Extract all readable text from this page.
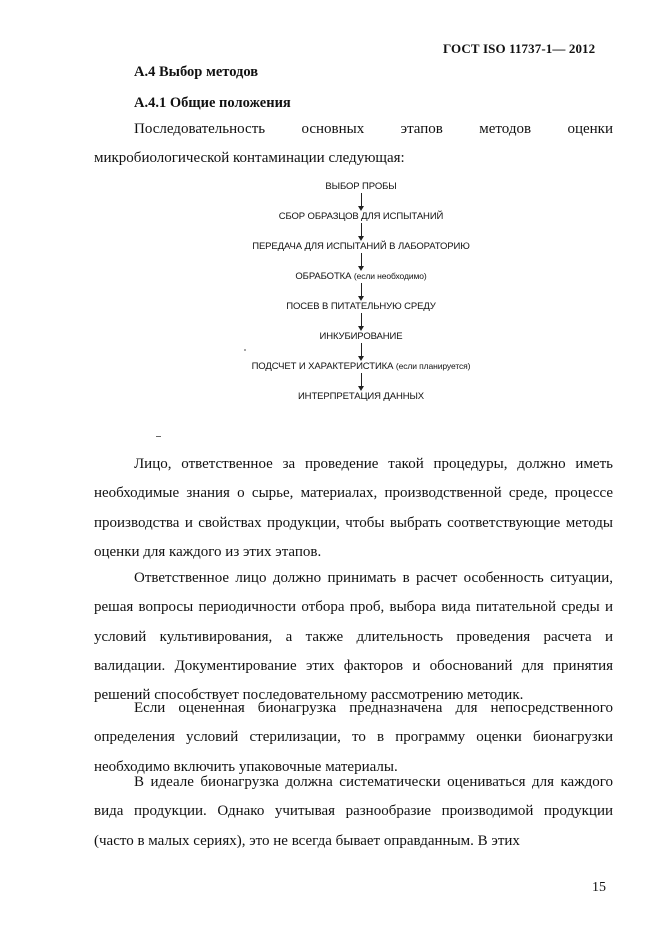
ГОСТ ISO 11737-1— 2012
А.4 Выбор методов
А.4.1 Общие положения
Последовательность основных этапов методов оценки микробиологической контаминации следующая:
ВЫБОР ПРОБЫ
СБОР ОБРАЗЦОВ ДЛЯ ИСПЫТАНИЙ
ПЕРЕДАЧА ДЛЯ ИСПЫТАНИЙ В ЛАБОРАТОРИЮ
ОБРАБОТКА (если необходимо)
ПОСЕВ В ПИТАТЕЛЬНУЮ СРЕДУ
ИНКУБИРОВАНИЕ
ПОДСЧЕТ И ХАРАКТЕРИСТИКА (если планируется)
ИНТЕРПРЕТАЦИЯ ДАННЫХ
Лицо, ответственное за проведение такой процедуры, должно иметь необходимые знания о сырье, материалах, производственной среде, процессе производства и свойствах продукции, чтобы выбрать соответствующие методы оценки для каждого из этих этапов.
Ответственное лицо должно принимать в расчет особенность ситуации, решая вопросы периодичности отбора проб, выбора вида питательной среды и условий культивирования, а также длительность проведения расчета и валидации. Документирование этих факторов и обоснований для принятия решений способствует последовательному рассмотрению методик.
Если оцененная бионагрузка предназначена для непосредственного определения условий стерилизации, то в программу оценки бионагрузки необходимо включить упаковочные материалы.
В идеале бионагрузка должна систематически оцениваться для каждого вида продукции. Однако учитывая разнообразие производимой продукции (часто в малых сериях), это не всегда бывает оправданным. В этих
15
